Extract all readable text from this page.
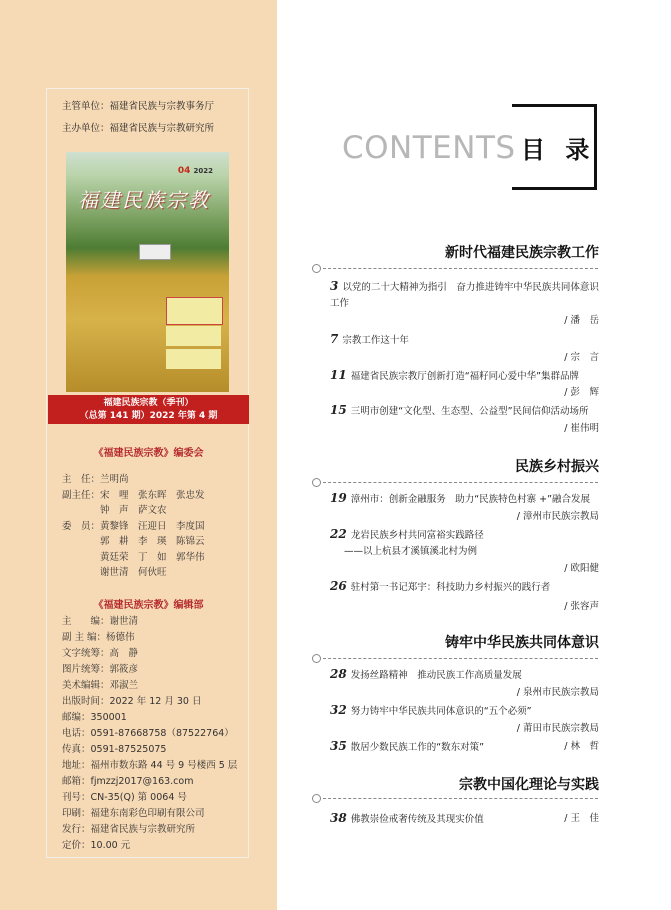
主管单位：福建省民族与宗教事务厅
主办单位：福建省民族与宗教研究所
04 2022
福建民族宗教
福建民族宗教（季刊）
（总第 141 期）2022 年第 4 期
《福建民族宗教》编委会
《福建民族宗教》编辑部
CONTENTS 目 录
主　任：兰明尚
副主任：宋　哩　张东晖　张忠发
　　　　钟　声　萨文农
委　员：黄黎锋　汪迎日　李度国
　　　　郭　耕　李　瑛　陈锦云
　　　　黄廷荣　丁　如　郭华伟
　　　　谢世清　何伙旺
主　　编：谢世清
副 主 编：杨德伟
文字统筹：高　静
图片统筹：郭筱彦
美术编辑：邓淑兰
出版时间：2022 年 12 月 30 日
邮编：350001
电话：0591-87668758（87522764）
传真：0591-87525075
地址：福州市数东路 44 号 9 号楼西 5 层
邮箱：fjmzzj2017@163.com
刊号：CN-35(Q) 第 0064 号
印刷：福建东南彩色印刷有限公司
发行：福建省民族与宗教研究所
定价：10.00 元
新时代福建民族宗教工作
3 以党的二十大精神为指引　奋力推进铸牢中华民族共同体意识工作
/ 潘　岳
7 宗教工作这十年
/ 宗　言
11 福建省民族宗教厅创新打造“福籽同心爱中华”集群品牌
/ 彭　辉
15 三明市创建“文化型、生态型、公益型”民间信仰活动场所
/ 崔伟明
民族乡村振兴
19 漳州市：创新金融服务　助力“民族特色村寨 +”融合发展
/ 漳州市民族宗教局
22 龙岩民族乡村共同富裕实践路径
——以上杭县才溪镇溪北村为例
/ 欧阳健
26 驻村第一书记郑宇：科技助力乡村振兴的践行者
/ 张容声
铸牢中华民族共同体意识
28 发扬丝路精神　推动民族工作高质量发展
/ 泉州市民族宗教局
32 努力铸牢中华民族共同体意识的“五个必须”
/ 莆田市民族宗教局
35 散居少数民族工作的“数东对策”	/ 林　哲
宗教中国化理论与实践
38 佛教崇俭戒奢传统及其现实价值	/ 王　佳
